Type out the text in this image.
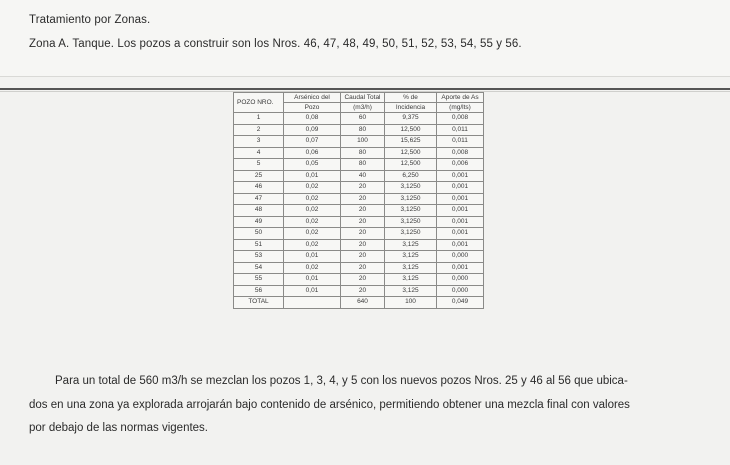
Tratamiento por Zonas.
Zona A. Tanque. Los pozos a construir son los Nros. 46, 47, 48, 49, 50, 51, 52, 53, 54, 55 y 56.
POZO NRO.	Arsénico del	Caudal Total	% de	Aporte de As
	Pozo	(m3/h)	Incidencia	(mg/lts)
1	0,08	60	9,375	0,008
2	0,09	80	12,500	0,011
3	0,07	100	15,625	0,011
4	0,06	80	12,500	0,008
5	0,05	80	12,500	0,006
25	0,01	40	6,250	0,001
46	0,02	20	3,1250	0,001
47	0,02	20	3,1250	0,001
48	0,02	20	3,1250	0,001
49	0,02	20	3,1250	0,001
50	0,02	20	3,1250	0,001
51	0,02	20	3,125	0,001
53	0,01	20	3,125	0,000
54	0,02	20	3,125	0,001
55	0,01	20	3,125	0,000
56	0,01	20	3,125	0,000
TOTAL		640	100	0,049
Para un total de 560 m3/h se mezclan los pozos 1, 3, 4, y 5 con los nuevos pozos Nros. 25 y 46 al 56 que ubica-
dos en una zona ya explorada arrojarán bajo contenido de arsénico, permitiendo obtener una mezcla final con valores
por debajo de las normas vigentes.
